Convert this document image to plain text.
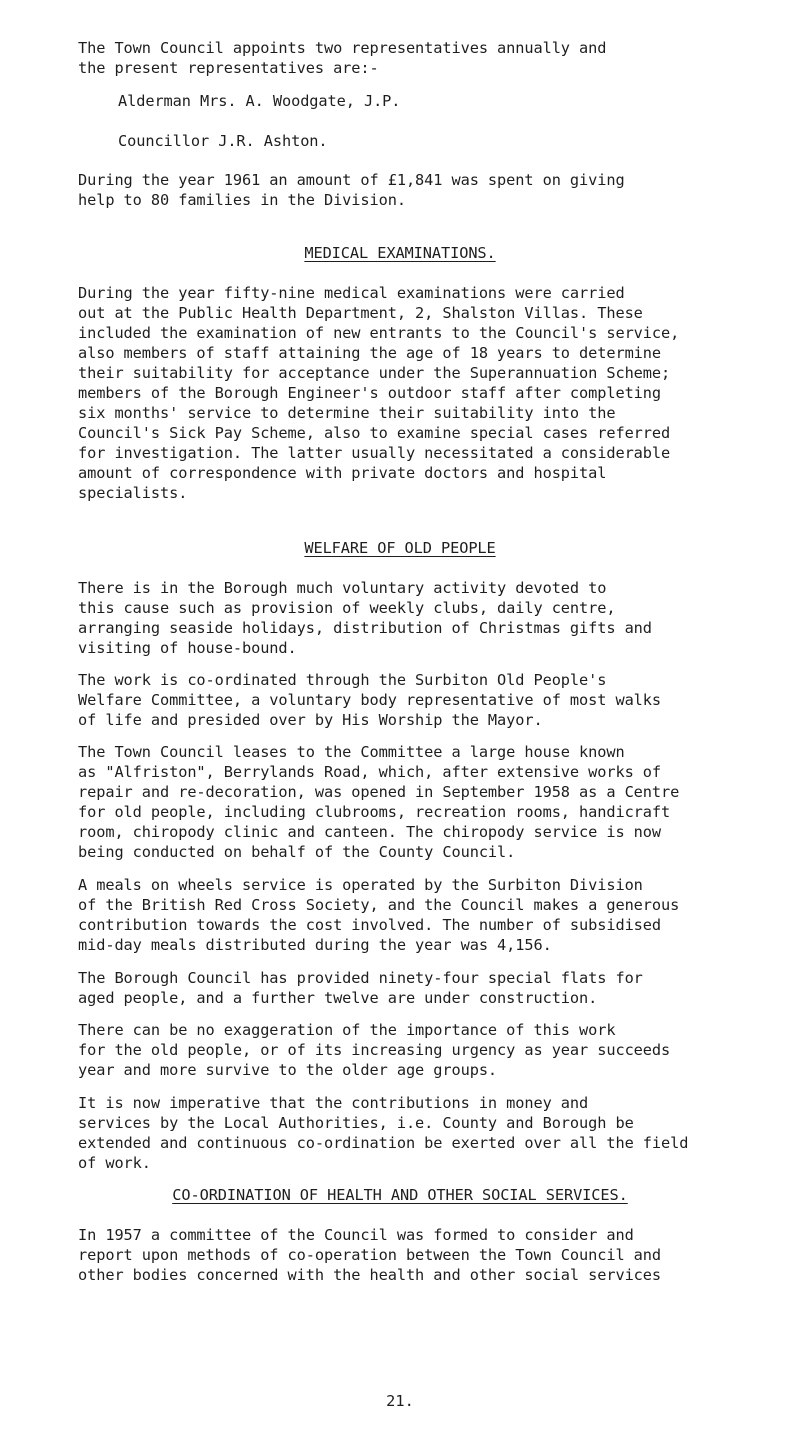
The Town Council appoints two representatives annually and
the present representatives are:-

Alderman Mrs. A. Woodgate, J.P.

Councillor J.R. Ashton.

During the year 1961 an amount of £1,841 was spent on giving
help to 80 families in the Division.

MEDICAL EXAMINATIONS.

During the year fifty-nine medical examinations were carried
out at the Public Health Department, 2, Shalston Villas. These
included the examination of new entrants to the Council's service,
also members of staff attaining the age of 18 years to determine
their suitability for acceptance under the Superannuation Scheme;
members of the Borough Engineer's outdoor staff after completing
six months' service to determine their suitability into the
Council's Sick Pay Scheme, also to examine special cases referred
for investigation. The latter usually necessitated a considerable
amount of correspondence with private doctors and hospital
specialists.

WELFARE OF OLD PEOPLE

There is in the Borough much voluntary activity devoted to
this cause such as provision of weekly clubs, daily centre,
arranging seaside holidays, distribution of Christmas gifts and
visiting of house-bound.

The work is co-ordinated through the Surbiton Old People's
Welfare Committee, a voluntary body representative of most walks
of life and presided over by His Worship the Mayor.

The Town Council leases to the Committee a large house known
as "Alfriston", Berrylands Road, which, after extensive works of
repair and re-decoration, was opened in September 1958 as a Centre
for old people, including clubrooms, recreation rooms, handicraft
room, chiropody clinic and canteen. The chiropody service is now
being conducted on behalf of the County Council.

A meals on wheels service is operated by the Surbiton Division
of the British Red Cross Society, and the Council makes a generous
contribution towards the cost involved. The number of subsidised
mid-day meals distributed during the year was 4,156.

The Borough Council has provided ninety-four special flats for
aged people, and a further twelve are under construction.

There can be no exaggeration of the importance of this work
for the old people, or of its increasing urgency as year succeeds
year and more survive to the older age groups.

It is now imperative that the contributions in money and
services by the Local Authorities, i.e. County and Borough be
extended and continuous co-ordination be exerted over all the field
of work.

CO-ORDINATION OF HEALTH AND OTHER SOCIAL SERVICES.

In 1957 a committee of the Council was formed to consider and
report upon methods of co-operation between the Town Council and
other bodies concerned with the health and other social services

21.
